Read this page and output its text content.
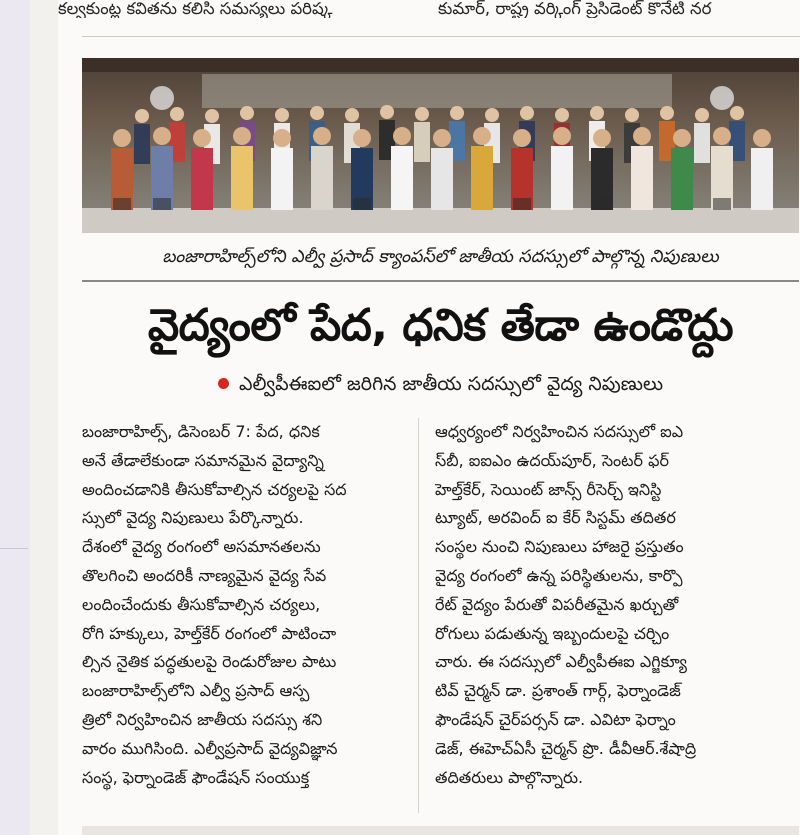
కల్వకుంట్ల కవితను కలిసి సమస్యలు పరిష్క	కుమార్, రాష్ట్ర వర్కింగ్ ప్రెసిడెంట్ కొనేటి నర
బంజారాహిల్స్‌లోని ఎల్వీ ప్రసాద్ క్యాంపస్‌లో జాతీయ సదస్సులో పాల్గొన్న నిపుణులు
వైద్యంలో పేద, ధనిక తేడా ఉండొద్దు
ఎల్వీపీఈఐలో జరిగిన జాతీయ సదస్సులో వైద్య నిపుణులు
బంజారాహిల్స్, డిసెంబర్ 7: పేద, ధనిక
అనే తేడాలేకుండా సమానమైన వైద్యాన్ని
అందించడానికి తీసుకోవాల్సిన చర్యలపై సద
స్సులో వైద్య నిపుణులు పేర్కొన్నారు.
దేశంలో వైద్య రంగంలో అసమానతలను
తొలగించి అందరికీ నాణ్యమైన వైద్య సేవ
లందించేందుకు తీసుకోవాల్సిన చర్యలు,
రోగి హక్కులు, హెల్త్‌కేర్ రంగంలో పాటించా
ల్సిన నైతిక పద్ధతులపై రెండురోజుల పాటు
బంజారాహిల్స్‌లోని ఎల్వీ ప్రసాద్ ఆస్ప
త్రిలో నిర్వహించిన జాతీయ సదస్సు శని
వారం ముగిసింది. ఎల్వీప్రసాద్ వైద్యవిజ్ఞాన
సంస్థ, ఫెర్నాండెజ్ ఫౌండేషన్ సంయుక్త
ఆధ్వర్యంలో నిర్వహించిన సదస్సులో ఐఎ
స్‌బీ, ఐఐఎం ఉదయ్‌పూర్, సెంటర్ ఫర్
హెల్త్‌కేర్, సెయింట్ జాన్స్ రీసెర్చ్ ఇనిస్టి
ట్యూట్, అరవింద్ ఐ కేర్ సిస్టమ్ తదితర
సంస్థల నుంచి నిపుణులు హాజరై ప్రస్తుతం
వైద్య రంగంలో ఉన్న పరిస్థితులను, కార్పొ
రేట్ వైద్యం పేరుతో విపరీతమైన ఖర్చుతో
రోగులు పడుతున్న ఇబ్బందులపై చర్చిం
చారు. ఈ సదస్సులో ఎల్వీపీఈఐ ఎగ్జిక్యూ
టివ్ చైర్మన్ డా. ప్రశాంత్ గార్గ్, ఫెర్నాండెజ్
ఫౌండేషన్ చైర్‌పర్సన్ డా. ఎవిటా ఫెర్నాం
డెజ్, ఈహెచ్‌ఏసీ చైర్మన్ ప్రొ. డీవీఆర్.శేషాద్రి
తదితరులు పాల్గొన్నారు.
